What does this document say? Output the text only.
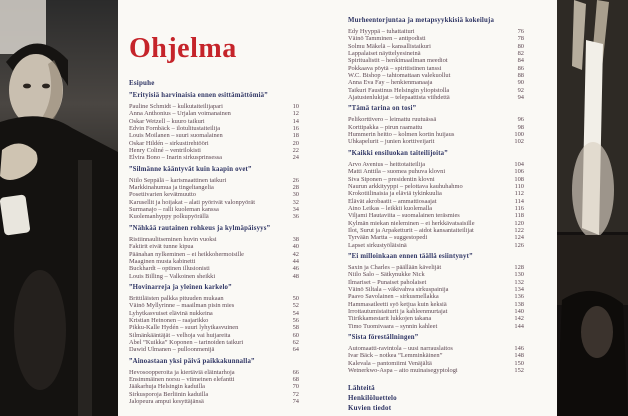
Ohjelma
Esipuhe
”Erityisiä harvinaisia ennen esittämättömiä”
Pauline Schmidt – kulkutaiteilijapari	10
Anna Anthonius – Urjalan voimanainen	12
Oskar Wetzell – kuuro taikuri	14
Edvin Fornbäck – ilotulitustaiteilija	16
Louis Moilanen – suuri suomalainen	18
Oskar Hildén – sirkustirehtööri	20
Henry Coliné – ventrilokisti	22
Elvira Bono – Inarin sirkusprinsessa	24
”Silmänne kääntyvät kuin kaapin ovet”
Niilo Seppälä – karismaattinen taikuri	26
Markkinahumua ja tingeltangelia	28
Posetiivarien kevätmuutto	30
Karusellit ja hoijakat – alati pyörivät valonpyörät	32
Surmanajo – ralli kuoleman kanssa	34
Kuolemanhyppy polkupyörällä	36
”Nähkää rautainen rohkeus ja kylmäpäisyys”
Ristiinnaulitseminen huvin vuoksi	38
Fakiirit eivät tunne kipua	40
Päänahan nylkeminen – ei heikkohermoisille	42
Maaginen musta kabinetti	44
Buckhardt – optinen illusionisti	46
Louis Billing – Valkoinen sheikki	48
”Hovinarreja ja yleinen karkelo”
Brittiläisten palkka pituuden mukaan	50
Väinö Myllyrinne – maailman pisin mies	52
Lyhytkasvuiset elävinä nukkeina	54
Kristian Heinonen – raajarikko	56
Pikku-Kalle Hydén – suuri lyhytkasvuinen	58
Silmänkääntäjät – velhoja vai huijareita	60
Abel ”Kuikka” Koponen – tarinoiden taikuri	62
Dawid Ulmanen – pulloonmenijä	64
”Ainoastaan yksi päivä paikkakunnalla”
Hevosoopperoita ja kiertäviä eläintarhoja	66
Ensimmäinen norsu – viimeinen elefantti	68
Jääkarhuja Helsingin kaduilla	70
Sirkusporoja Berliinin kaduilla	72
Jalopeura ampui kesyttäjänsä	74
Murheentorjuntaa ja metapsyykkisiä kokeiluja
Edy Hyyppä – tuhattaituri	76
Väinö Tamminen – antipodisti	78
Solmu Mäkelä – kansallistaikuri	80
Lappalaiset näyttelyesineinä	82
Spiritualistit – henkimaailman meediot	84
Pokkaava pöytä – spiritistinen tanssi	86
W.C. Bishop – tahtomattaan valekuollut	88
Anna Eva Fay – henkienmanaaja	90
Taikuri Faustinus Helsingin yliopistolla	92
Ajatustenlukijat – telepaattista viihdettä	94
”Tämä tarina on tosi”
Pelikorttivero – leimattu ruutuässä	96
Korttipakka – pirun raamattu	98
Hummerin heitto – kolmen kortin huijaus	100
Uhkapelurit – junien korttiveijarit	102
”Kaikki ensiluokan taiteilijoita”
Arvo Avenius – heittotaiteilija	104
Matti Anttila – suomea puhuva klovni	106
Siva Siponen – presidentin klovni	108
Naurun arkkityyppi – pelottava kauhuhahmo	110
Krokotiilinaisia ja eläviä tykinkuulia	112
Elävät akrobaatit – ammattiosaajat	114
Aino Leikas – leikkii kuolemalla	116
Viljami Hautaviita – suomalainen teräsmies	118
Kylmän miekan nieleminen – ei herkkävatsaisille	120
Ilot, Surut ja Arpaketturit – aidot kansantaiteilijat	122
Tyrvään Martta – suggestopedi	124
Lapset sirkustyöläisinä	126
”Ei milloinkaan ennen täällä esiintynyt”
Saxin ja Charles – päällään kävelijät	128
Niilo Salo – Sätkynukke Nick	130
Ilmariset – Punaiset paholaiset	132
Väinö Siltala – väkivahva sirkuspainija	134
Paavo Savolainen – sirkusmellakka	136
Hammasatleetti syö ketjua kuin keksiä	138
Irrottautumistaiturit ja kahleenmurtajat	140
Tiirikkamestarit lukkojen takana	142
Timo Tuomivaara – synnin kahleet	144
”Sista föreställningen”
Automaatti-ravintola – uusi narrauslaitos	146
Ivar Bäck – notkea ”Lemminkäinen”	148
Kalevala – pantomiimi Venäjältä	150
Wetnerkwo-Aspa – aito muinaisegyptologi	152
Lähteitä
Henkilöluettelo
Kuvien tiedot
